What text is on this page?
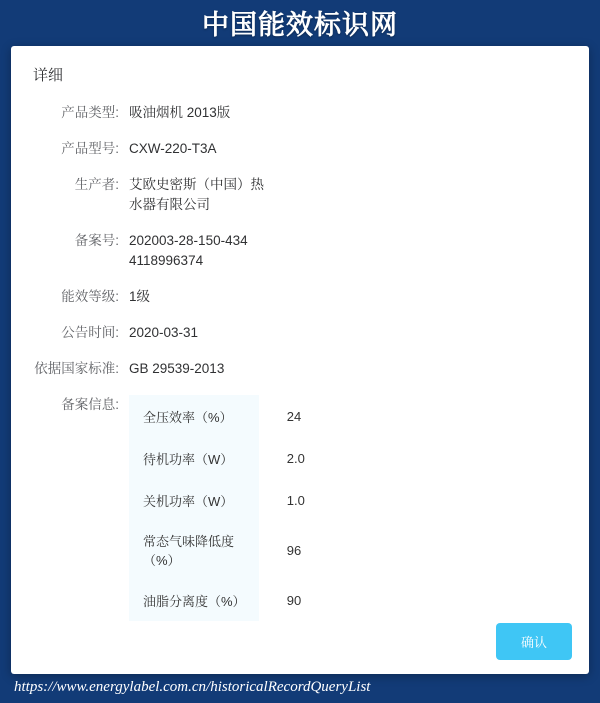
中国能效标识网
详细
产品类型: 吸油烟机 2013版
产品型号: CXW-220-T3A
生产者: 艾欧史密斯（中国）热
水器有限公司
备案号: 202003-28-150-434
4118996374
能效等级: 1级
公告时间: 2020-03-31
依据国家标准: GB 29539-2013
备案信息:
全压效率（%）	24
待机功率（W）	2.0
关机功率（W）	1.0
常态气味降低度（%）	96
油脂分离度（%）	90
确认
https://www.energylabel.com.cn/historicalRecordQueryList
